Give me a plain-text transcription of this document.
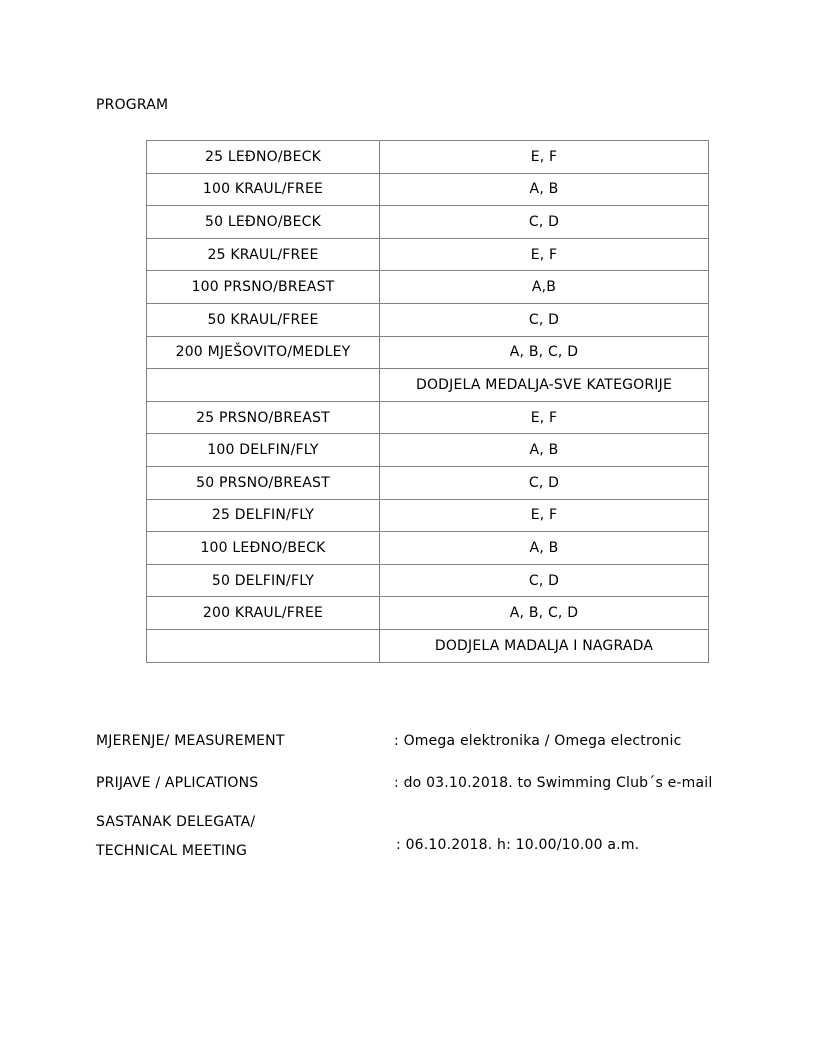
PROGRAM
25 LEĐNO/BECK	E, F
100 KRAUL/FREE	A, B
50 LEĐNO/BECK	C, D
25 KRAUL/FREE	E, F
100 PRSNO/BREAST	A,B
50 KRAUL/FREE	C, D
200 MJEŠOVITO/MEDLEY	A, B, C, D
	DODJELA MEDALJA-SVE KATEGORIJE
25 PRSNO/BREAST	E, F
100 DELFIN/FLY	A, B
50 PRSNO/BREAST	C, D
25 DELFIN/FLY	E, F
100 LEĐNO/BECK	A, B
50 DELFIN/FLY	C, D
200 KRAUL/FREE	A, B, C, D
	DODJELA MADALJA I NAGRADA
MJERENJE/ MEASUREMENT	: Omega elektronika / Omega electronic
PRIJAVE / APLICATIONS	: do 03.10.2018. to Swimming Club´s e-mail
SASTANAK DELEGATA/
TECHNICAL MEETING	: 06.10.2018. h: 10.00/10.00 a.m.
